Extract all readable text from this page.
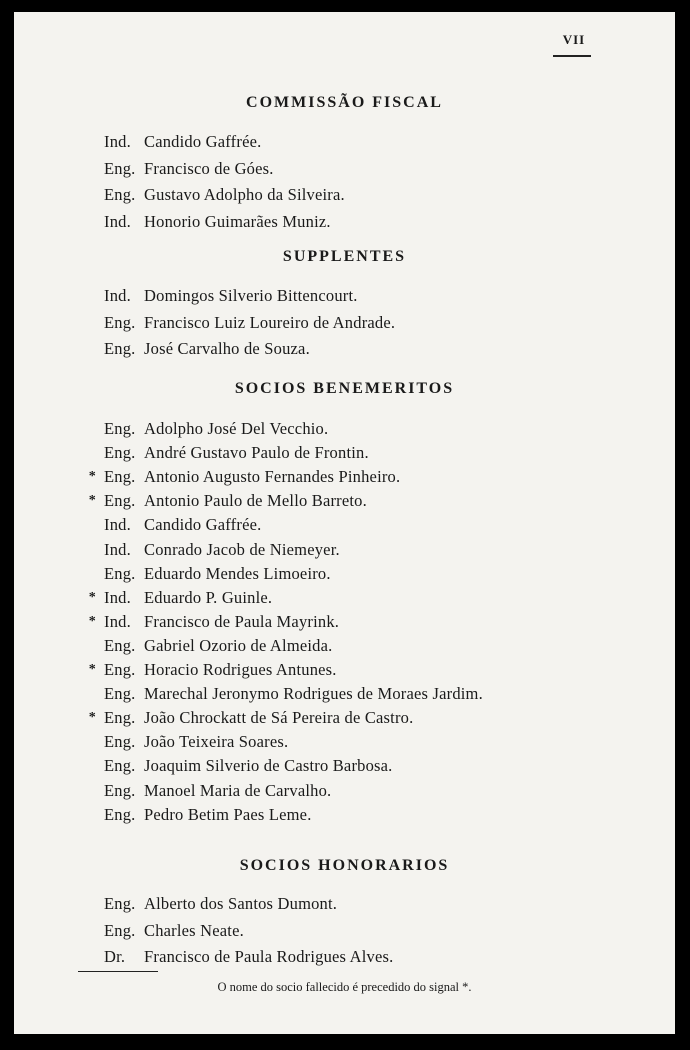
VII
COMMISSÃO FISCAL
Ind. Candido Gaffrée.
Eng. Francisco de Góes.
Eng. Gustavo Adolpho da Silveira.
Ind. Honorio Guimarães Muniz.
SUPPLENTES
Ind. Domingos Silverio Bittencourt.
Eng. Francisco Luiz Loureiro de Andrade.
Eng. José Carvalho de Souza.
SOCIOS BENEMERITOS
Eng. Adolpho José Del Vecchio.
Eng. André Gustavo Paulo de Frontin.
* Eng. Antonio Augusto Fernandes Pinheiro.
* Eng. Antonio Paulo de Mello Barreto.
Ind. Candido Gaffrée.
Ind. Conrado Jacob de Niemeyer.
Eng. Eduardo Mendes Limoeiro.
* Ind. Eduardo P. Guinle.
* Ind. Francisco de Paula Mayrink.
Eng. Gabriel Ozorio de Almeida.
* Eng. Horacio Rodrigues Antunes.
Eng. Marechal Jeronymo Rodrigues de Moraes Jardim.
* Eng. João Chrockatt de Sá Pereira de Castro.
Eng. João Teixeira Soares.
Eng. Joaquim Silverio de Castro Barbosa.
Eng. Manoel Maria de Carvalho.
Eng. Pedro Betim Paes Leme.
SOCIOS HONORARIOS
Eng. Alberto dos Santos Dumont.
Eng. Charles Neate.
Dr. Francisco de Paula Rodrigues Alves.
O nome do socio fallecido é precedido do signal *.
